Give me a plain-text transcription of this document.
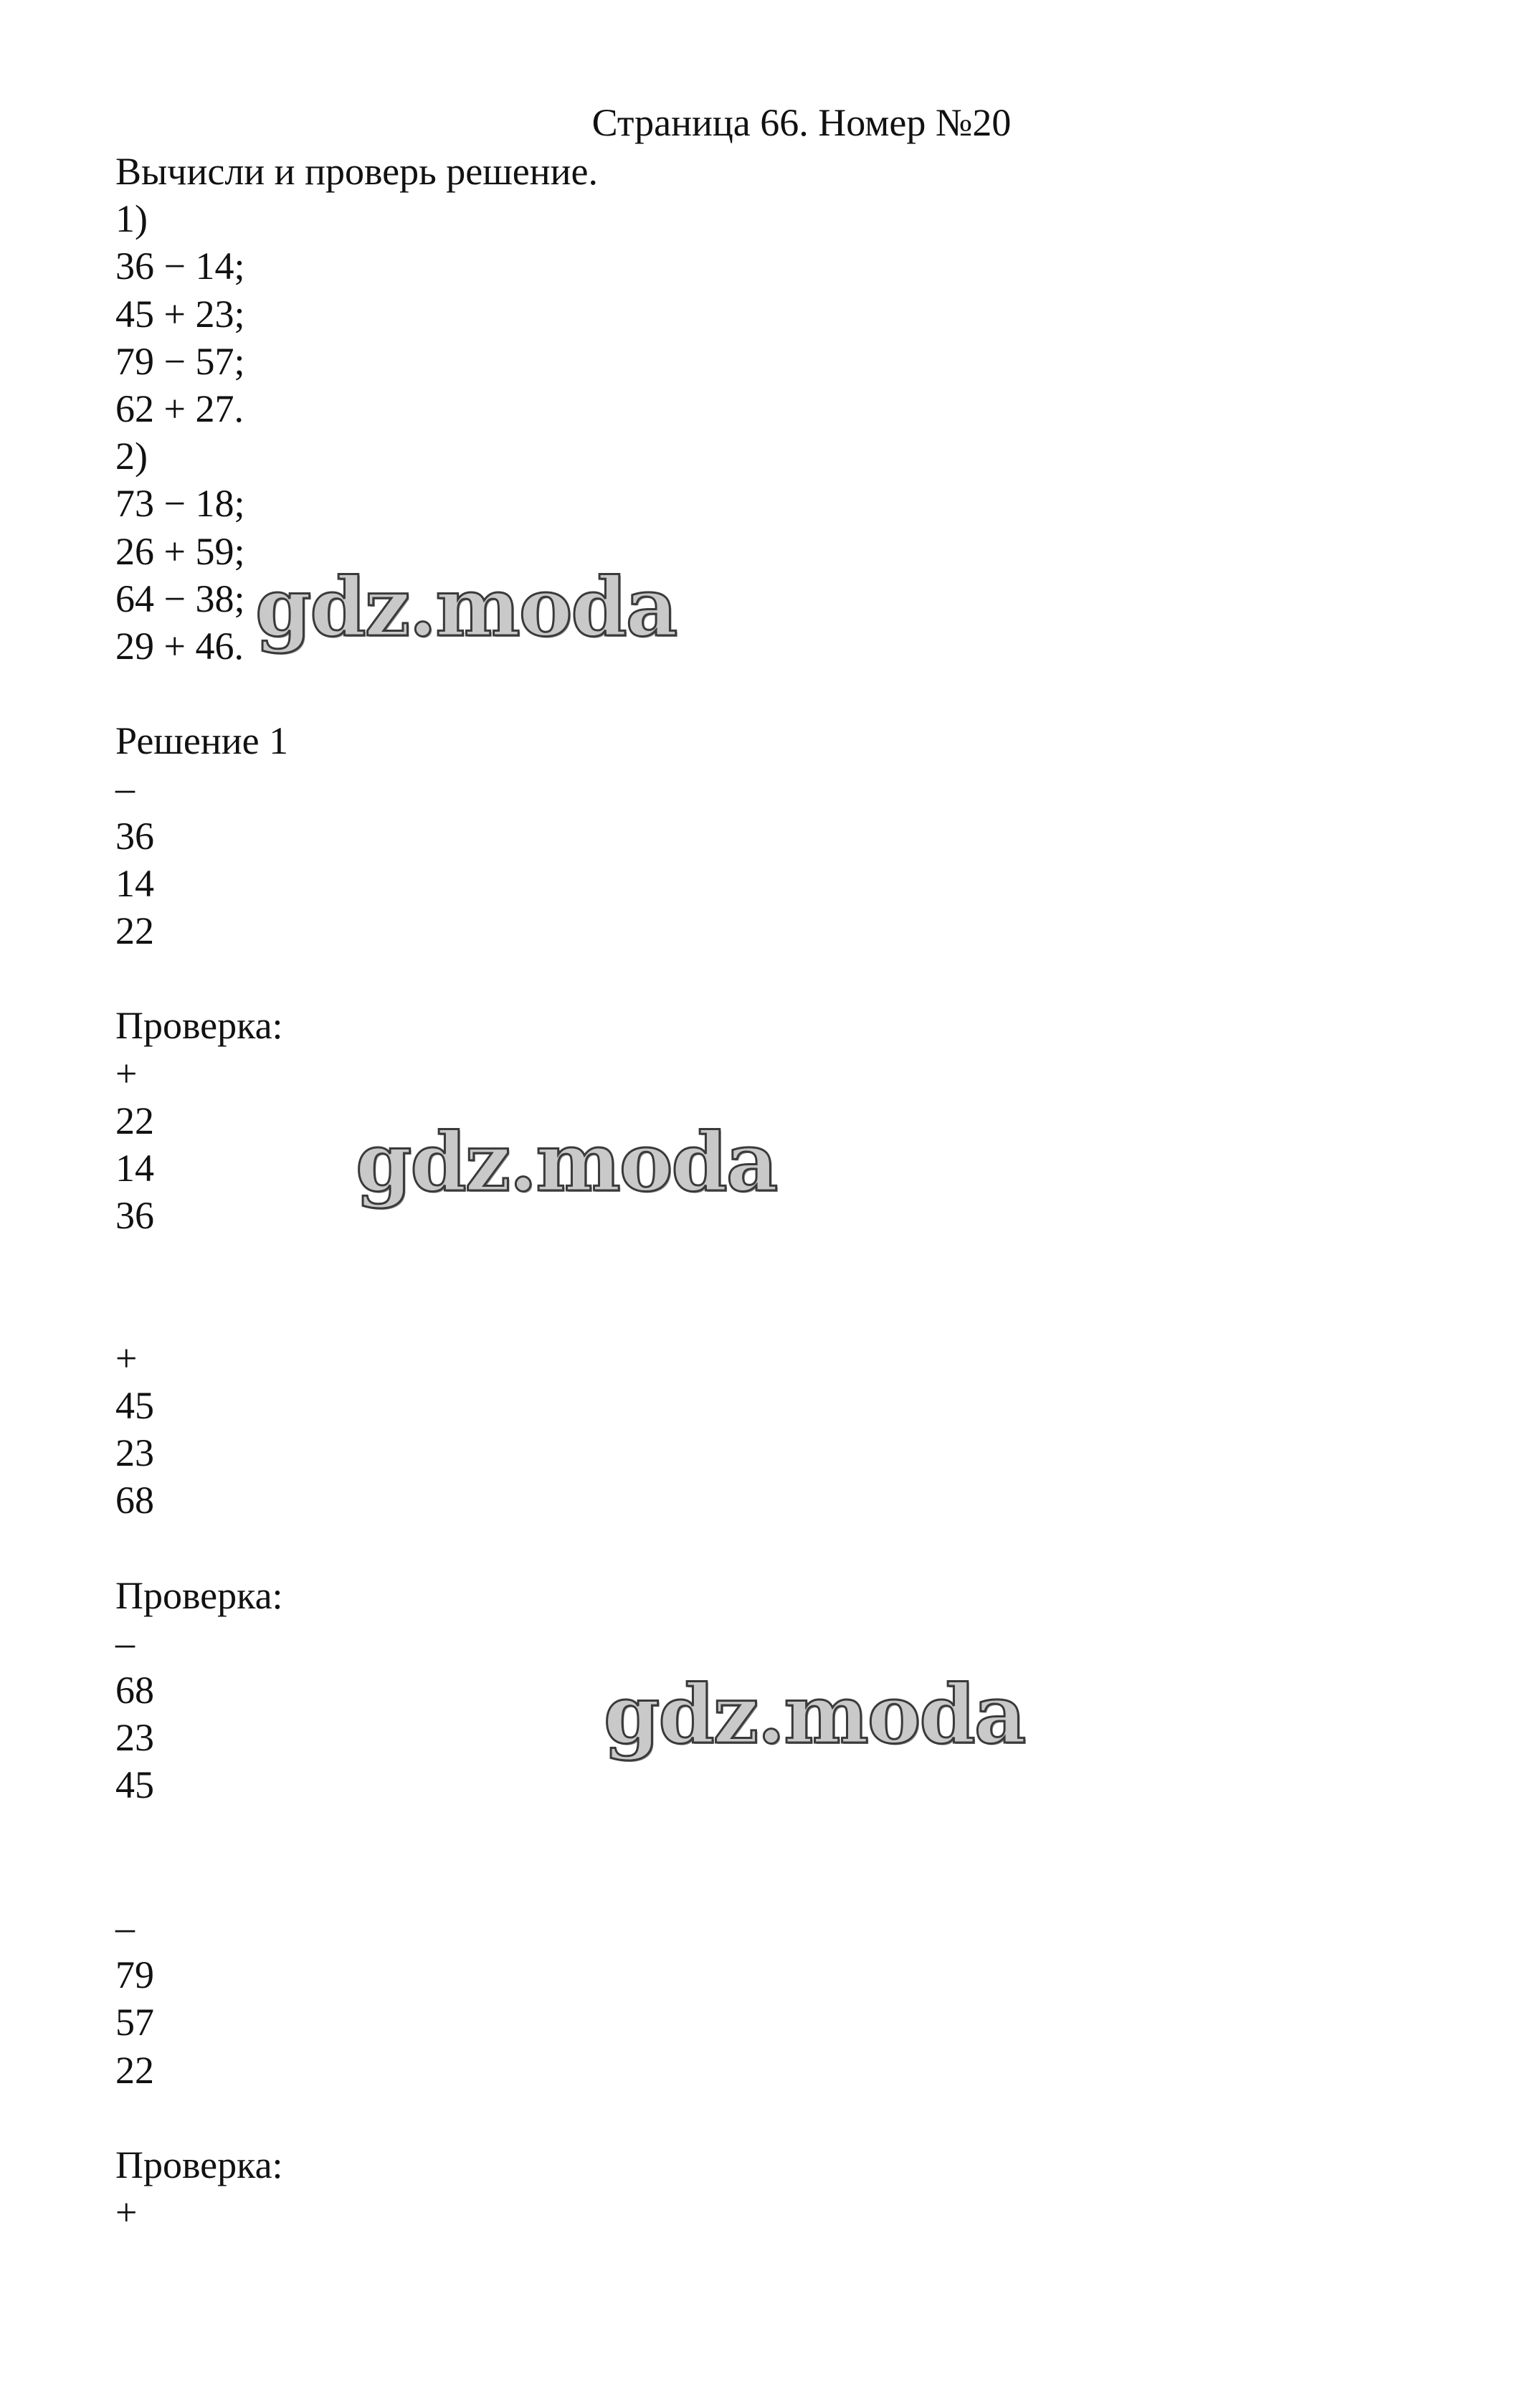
Страница 66. Номер №20
Вычисли и проверь решение.
1)
36 − 14;
45 + 23;
79 − 57;
62 + 27.
2)
73 − 18;
26 + 59;
64 − 38;
29 + 46.
Решение 1
–
36
14
22
Проверка:
+
22
14
36
+
45
23
68
Проверка:
–
68
23
45
–
79
57
22
Проверка:
+
gdz.moda
gdz.moda
gdz.moda
